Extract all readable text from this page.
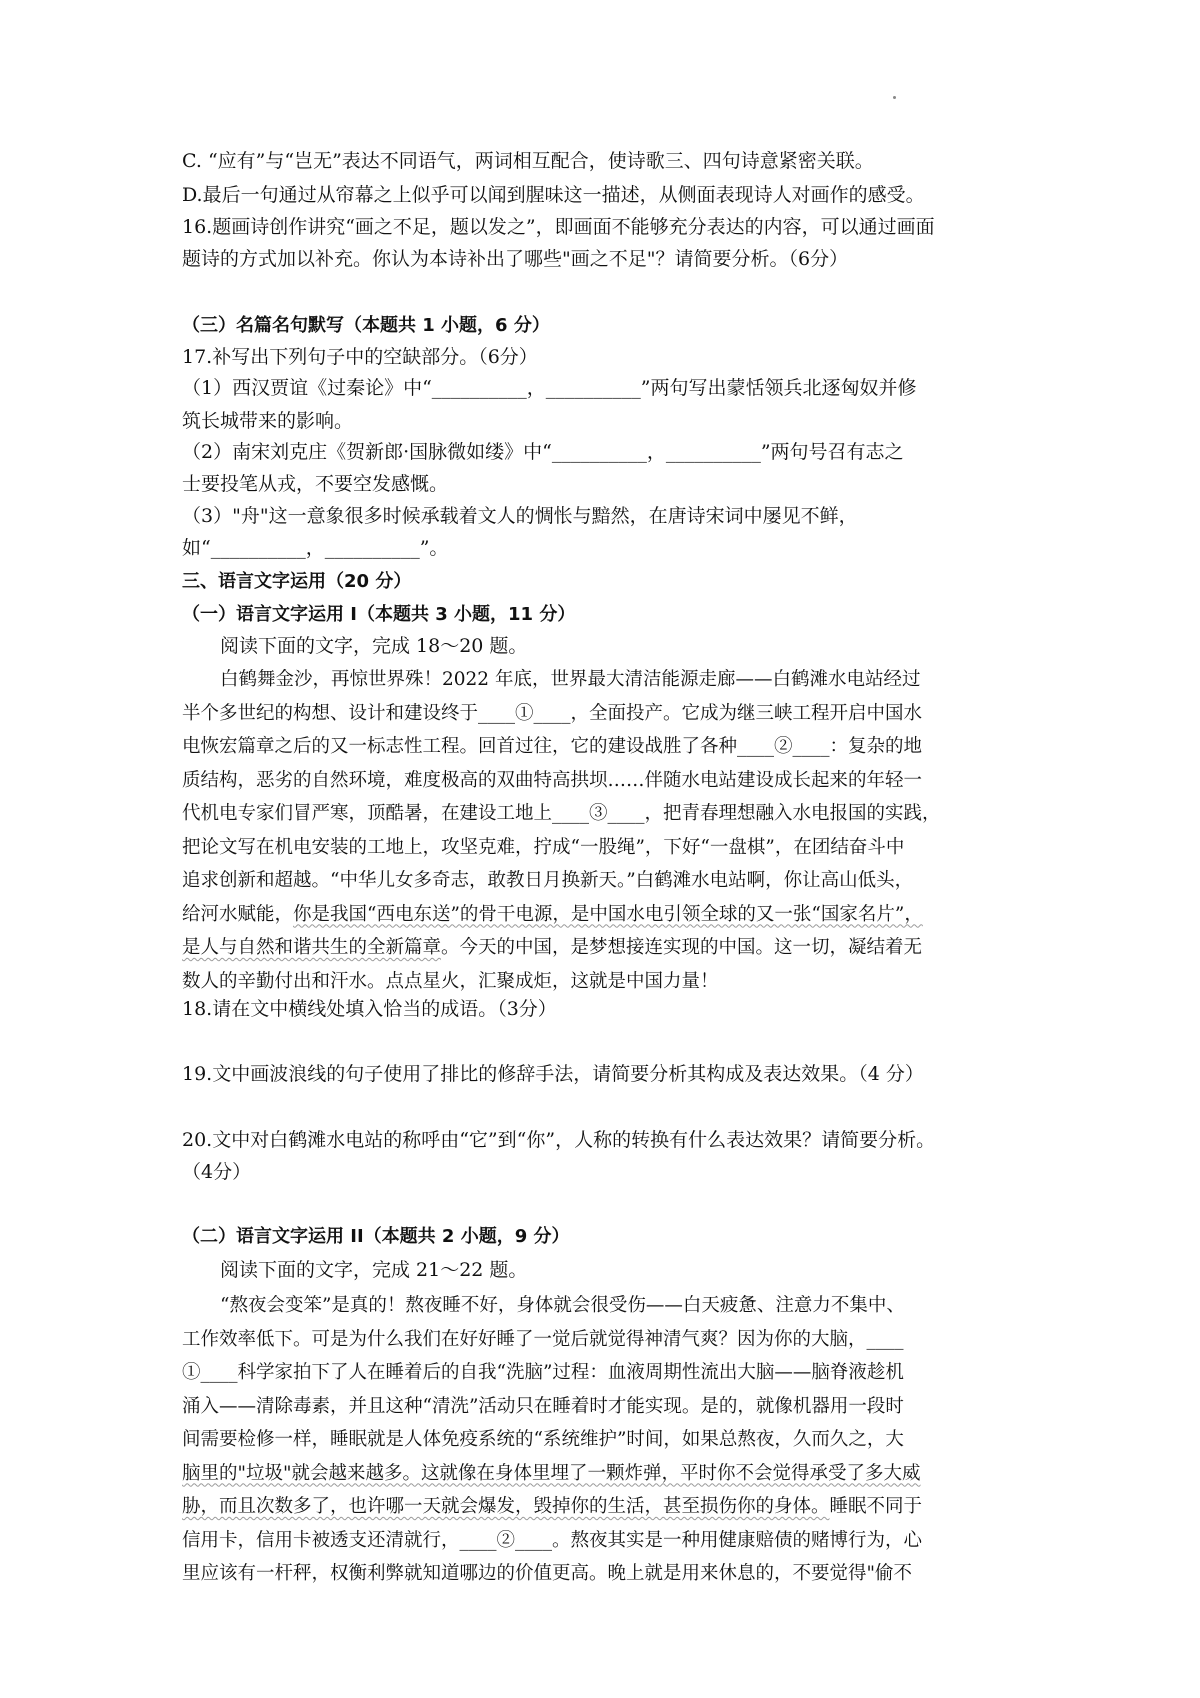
C. “应有”与“岂无”表达不同语气，两词相互配合，使诗歌三、四句诗意紧密关联。
D.最后一句通过从帘幕之上似乎可以闻到腥味这一描述，从侧面表现诗人对画作的感受。
16.题画诗创作讲究“画之不足，题以发之”，即画面不能够充分表达的内容，可以通过画面
题诗的方式加以补充。你认为本诗补出了哪些"画之不足"？请简要分析。（6分）
（三）名篇名句默写（本题共 1 小题，6 分）
17.补写出下列句子中的空缺部分。（6分）
（1）西汉贾谊《过秦论》中“__________，__________”两句写出蒙恬领兵北逐匈奴并修
筑长城带来的影响。
（2）南宋刘克庄《贺新郎·国脉微如缕》中“__________，__________”两句号召有志之
士要投笔从戎，不要空发感慨。
（3）"舟"这一意象很多时候承载着文人的惆怅与黯然，在唐诗宋词中屡见不鲜，
如“__________，__________”。
三、语言文字运用（20 分）
（一）语言文字运用 I（本题共 3 小题，11 分）
阅读下面的文字，完成 18～20 题。
白鹤舞金沙，再惊世界殊！2022 年底，世界最大清洁能源走廊——白鹤滩水电站经过
半个多世纪的构想、设计和建设终于____①____，全面投产。它成为继三峡工程开启中国水
电恢宏篇章之后的又一标志性工程。回首过往，它的建设战胜了各种____②____：复杂的地
质结构，恶劣的自然环境，难度极高的双曲特高拱坝……伴随水电站建设成长起来的年轻一
代机电专家们冒严寒，顶酷暑，在建设工地上____③____，把青春理想融入水电报国的实践，
把论文写在机电安装的工地上，攻坚克难，拧成“一股绳”，下好“一盘棋”，在团结奋斗中
追求创新和超越。“中华儿女多奇志，敢教日月换新天。”白鹤滩水电站啊，你让高山低头，
给河水赋能，你是我国“西电东送”的骨干电源，是中国水电引领全球的又一张“国家名片”，
是人与自然和谐共生的全新篇章。今天的中国，是梦想接连实现的中国。这一切，凝结着无
数人的辛勤付出和汗水。点点星火，汇聚成炬，这就是中国力量！
18.请在文中横线处填入恰当的成语。（3分）
19.文中画波浪线的句子使用了排比的修辞手法，请简要分析其构成及表达效果。（4 分）
20.文中对白鹤滩水电站的称呼由“它”到“你”，人称的转换有什么表达效果？请简要分析。
（4分）
（二）语言文字运用 II（本题共 2 小题，9 分）
阅读下面的文字，完成 21～22 题。
“熬夜会变笨”是真的！熬夜睡不好，身体就会很受伤——白天疲惫、注意力不集中、
工作效率低下。可是为什么我们在好好睡了一觉后就觉得神清气爽？因为你的大脑，____
①____科学家拍下了人在睡着后的自我“洗脑”过程：血液周期性流出大脑——脑脊液趁机
涌入——清除毒素，并且这种“清洗”活动只在睡着时才能实现。是的，就像机器用一段时
间需要检修一样，睡眠就是人体免疫系统的“系统维护”时间，如果总熬夜，久而久之，大
脑里的"垃圾"就会越来越多。这就像在身体里埋了一颗炸弹，平时你不会觉得承受了多大威
胁，而且次数多了，也许哪一天就会爆发，毁掉你的生活，甚至损伤你的身体。睡眠不同于
信用卡，信用卡被透支还清就行，____②____。熬夜其实是一种用健康赔债的赌博行为，心
里应该有一杆秤，权衡利弊就知道哪边的价值更高。晚上就是用来休息的，不要觉得"偷不
